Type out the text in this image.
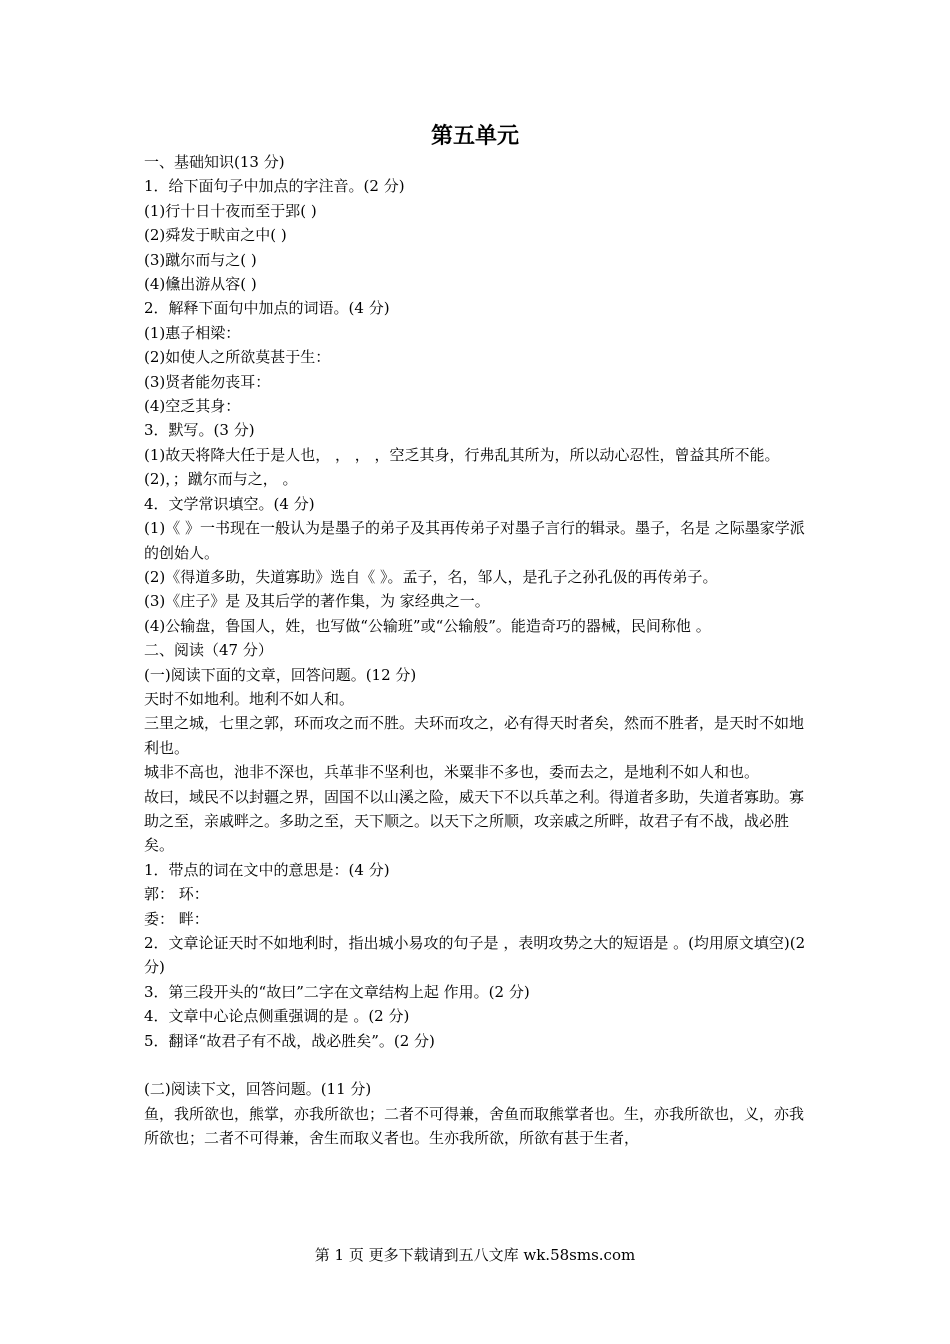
第五单元
一、基础知识(13 分)
1．给下面句子中加点的字注音。(2 分)
(1)行十日十夜而至于郢( )
(2)舜发于畎亩之中( )
(3)蹴尔而与之( )
(4)儵出游从容( )
2．解释下面句中加点的词语。(4 分)
(1)惠子相梁：
(2)如使人之所欲莫甚于生：
(3)贤者能勿丧耳：
(4)空乏其身：
3．默写。(3 分)
(1)故天将降大任于是人也， ， ， ，空乏其身，行弗乱其所为，所以动心忍性，曾益其所不能。
(2)，；蹴尔而与之， 。
4．文学常识填空。(4 分)
(1)《 》一书现在一般认为是墨子的弟子及其再传弟子对墨子言行的辑录。墨子，名是 之际墨家学派的创始人。
(2)《得道多助，失道寡助》选自《 》。孟子，名，邹人，是孔子之孙孔伋的再传弟子。
(3)《庄子》是 及其后学的著作集，为 家经典之一。
(4)公输盘，鲁国人，姓，也写做“公输班”或“公输般”。能造奇巧的器械，民间称他 。
二、阅读（47 分）
(一)阅读下面的文章，回答问题。(12 分)
天时不如地利。地利不如人和。
三里之城，七里之郭，环而攻之而不胜。夫环而攻之，必有得天时者矣，然而不胜者，是天时不如地利也。
城非不高也，池非不深也，兵革非不坚利也，米粟非不多也，委而去之，是地利不如人和也。
故曰，域民不以封疆之界，固国不以山溪之险，威天下不以兵革之利。得道者多助，失道者寡助。寡助之至，亲戚畔之。多助之至，天下顺之。以天下之所顺，攻亲戚之所畔，故君子有不战，战必胜矣。
1．带点的词在文中的意思是：(4 分)
郭： 环：
委： 畔：
2．文章论证天时不如地利时，指出城小易攻的句子是 ，表明攻势之大的短语是 。(均用原文填空)(2 分)
3．第三段开头的“故曰”二字在文章结构上起 作用。(2 分)
4．文章中心论点侧重强调的是 。(2 分)
5．翻译“故君子有不战，战必胜矣”。(2 分)
(二)阅读下文，回答问题。(11 分)
鱼，我所欲也，熊掌，亦我所欲也；二者不可得兼，舍鱼而取熊掌者也。生，亦我所欲也，义，亦我所欲也；二者不可得兼，舍生而取义者也。生亦我所欲，所欲有甚于生者，
第 1 页 更多下载请到五八文库 wk.58sms.com
